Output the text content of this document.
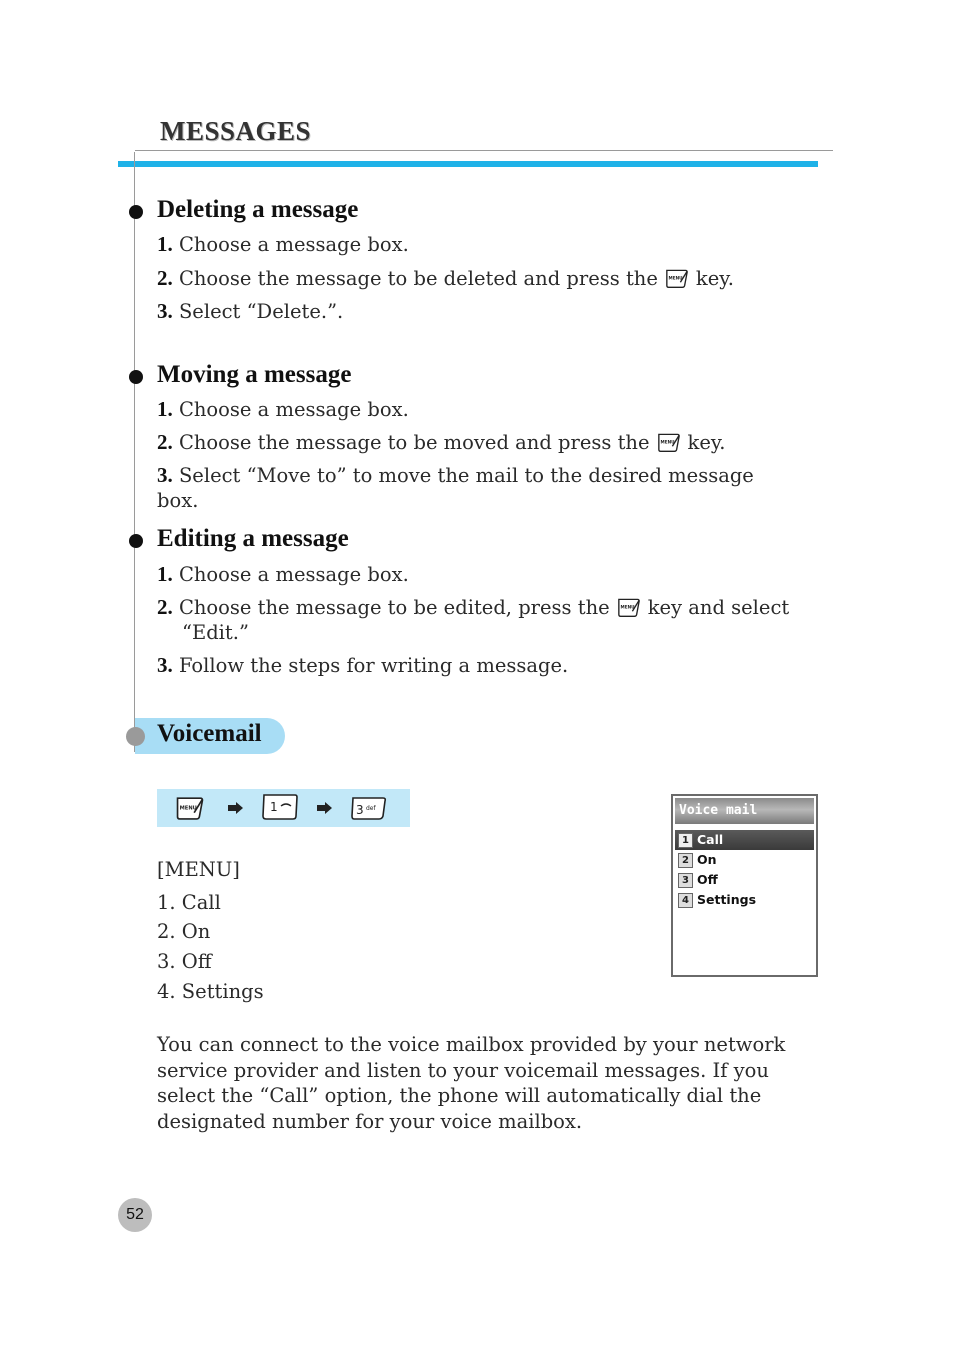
MESSAGES
Deleting a message
1. Choose a message box.
2. Choose the message to be deleted and press the key.
3. Select “Delete.”.
Moving a message
1. Choose a message box.
2. Choose the message to be moved and press the key.
3. Select “Move to” to move the mail to the desired message box.
Editing a message
1. Choose a message box.
2. Choose the message to be edited, press the key and select
“Edit.”
3. Follow the steps for writing a message.
Voicemail
1	3 def
[MENU]
1. Call
2. On
3. Off
4. Settings
Voice mail
1 Call
2 On
3 Off
4 Settings
You can connect to the voice mailbox provided by your network service provider and listen to your voicemail messages. If you select the “Call” option, the phone will automatically dial the designated number for your voice mailbox.
52
